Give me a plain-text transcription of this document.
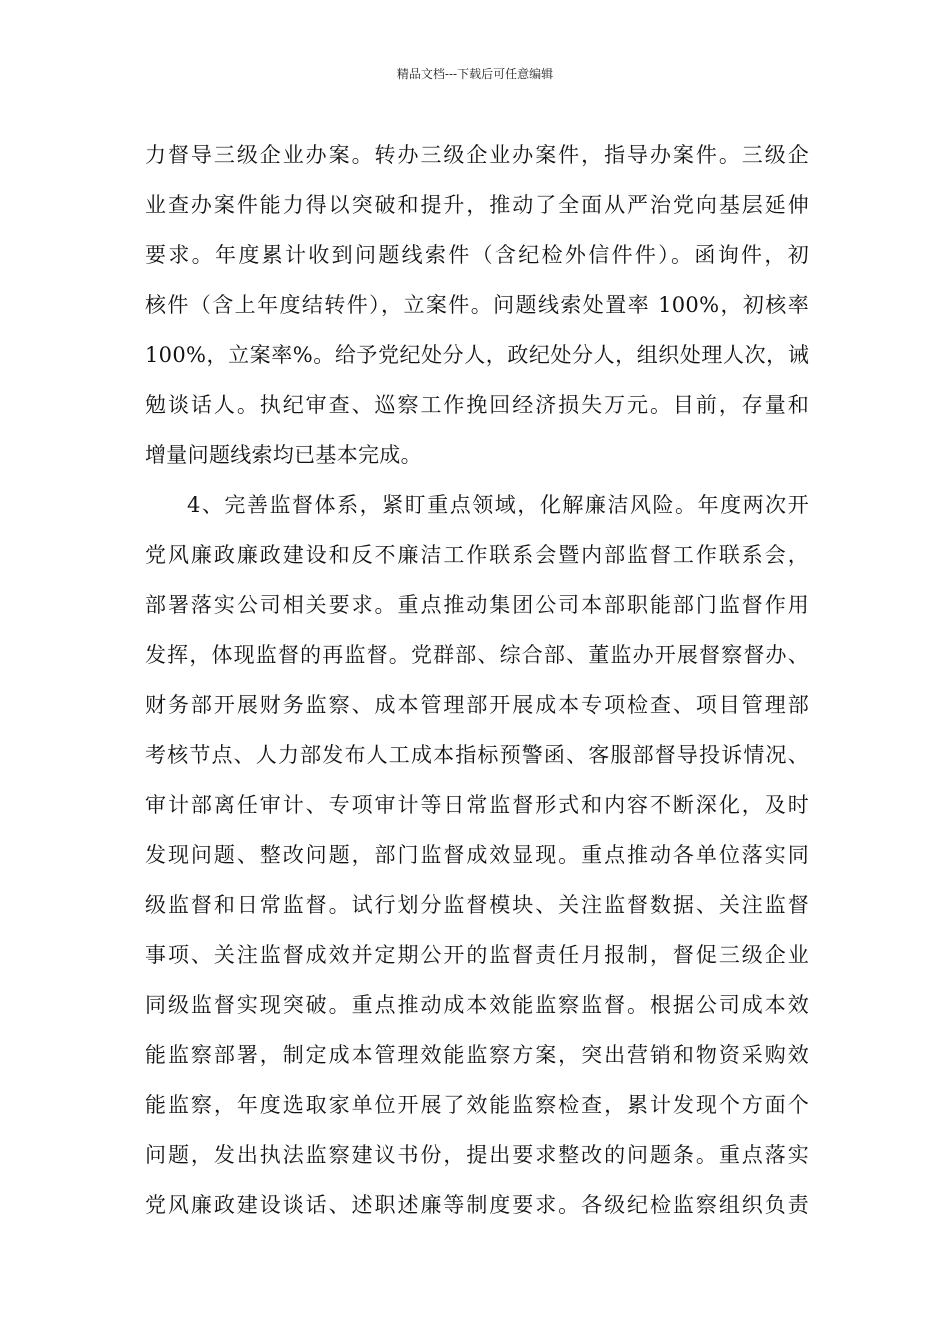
精品文档---下载后可任意编辑
力督导三级企业办案。转办三级企业办案件，指导办案件。三级企
业查办案件能力得以突破和提升，推动了全面从严治党向基层延伸
要求。年度累计收到问题线索件（含纪检外信件件）。函询件，初
核件（含上年度结转件），立案件。问题线索处置率 100%，初核率
100%，立案率%。给予党纪处分人，政纪处分人，组织处理人次，诫
勉谈话人。执纪审查、巡察工作挽回经济损失万元。目前，存量和
增量问题线索均已基本完成。
4、完善监督体系，紧盯重点领域，化解廉洁风险。年度两次开
党风廉政廉政建设和反不廉洁工作联系会暨内部监督工作联系会，
部署落实公司相关要求。重点推动集团公司本部职能部门监督作用
发挥，体现监督的再监督。党群部、综合部、董监办开展督察督办、
财务部开展财务监察、成本管理部开展成本专项检查、项目管理部
考核节点、人力部发布人工成本指标预警函、客服部督导投诉情况、
审计部离任审计、专项审计等日常监督形式和内容不断深化，及时
发现问题、整改问题，部门监督成效显现。重点推动各单位落实同
级监督和日常监督。试行划分监督模块、关注监督数据、关注监督
事项、关注监督成效并定期公开的监督责任月报制，督促三级企业
同级监督实现突破。重点推动成本效能监察监督。根据公司成本效
能监察部署，制定成本管理效能监察方案，突出营销和物资采购效
能监察，年度选取家单位开展了效能监察检查，累计发现个方面个
问题，发出执法监察建议书份，提出要求整改的问题条。重点落实
党风廉政建设谈话、述职述廉等制度要求。各级纪检监察组织负责
